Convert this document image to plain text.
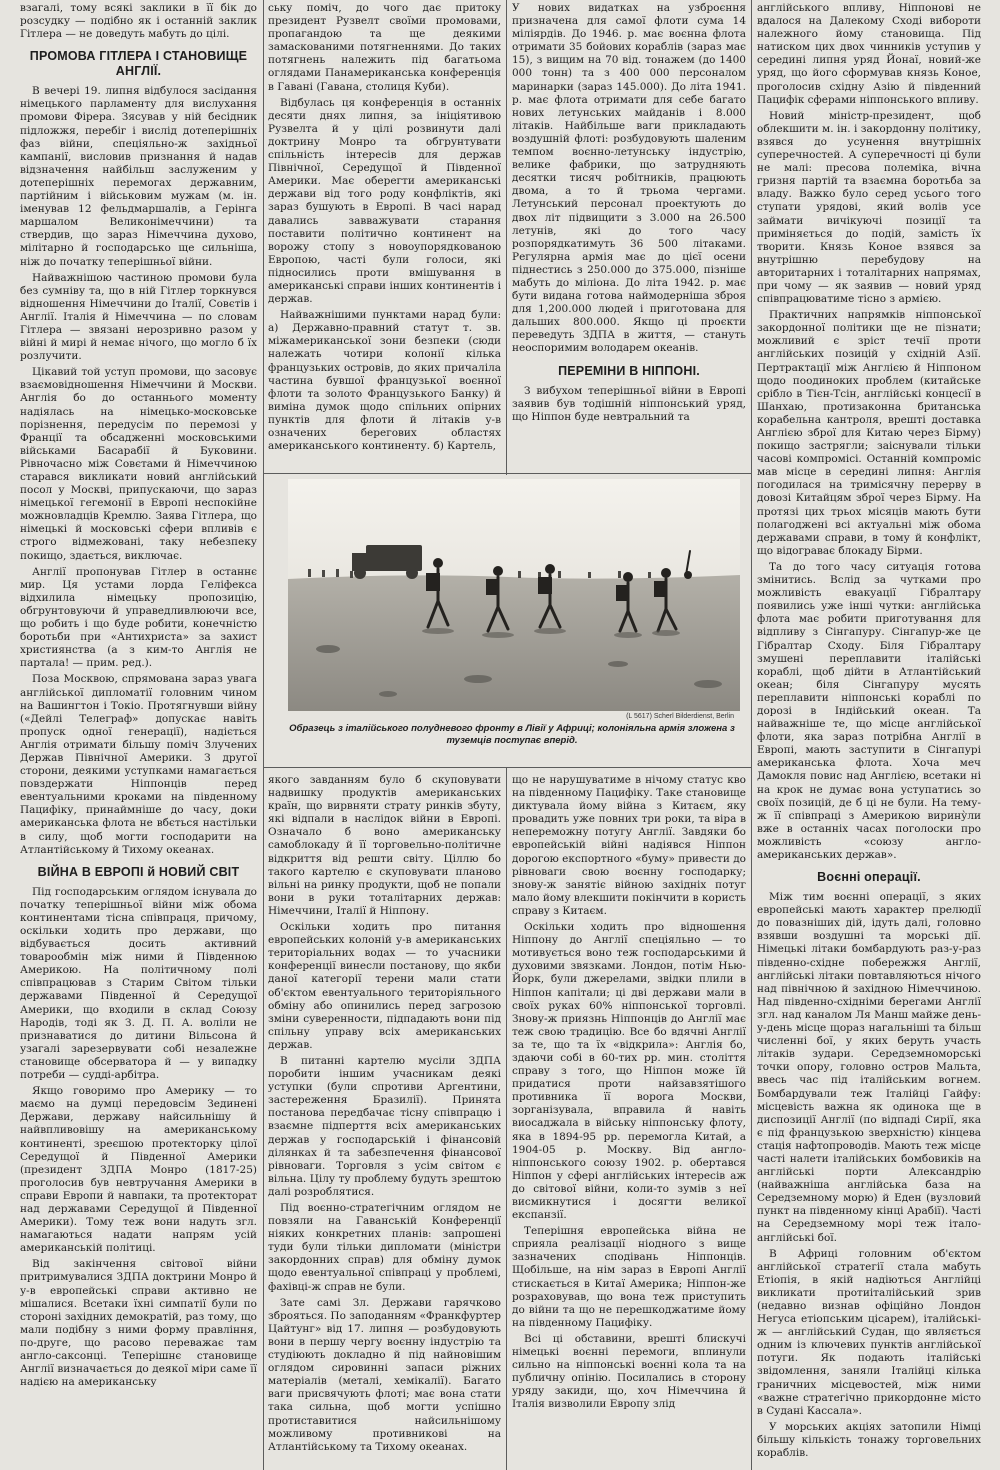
взагалі, тому всякі заклики в її бік до розсудку — подібно як і останній заклик Гітлера — не доведуть мабуть до цілі.

ПРОМОВА ГІТЛЕРА І СТАНОВИЩЕ АНГЛІЇ.

В вечері 19. липня відбулося засідання німецького парламенту для вислухання промови Фірера. Зясував у ній бесідник підложжя, перебіг і вислід дотеперішніх фаз війни, спеціяльно-ж західньої кампанії, висловив признання й надав відзначення найбільш заслуженим у дотеперішніх перемогах державним, партійним і військовим мужам (м. ін. іменував 12 фельдмаршалів, а Герінга маршалом Великонімеччини) та ствердив, що зараз Німеччина духово, мілітарно й господарсько ще сильніша, ніж до початку теперішньої війни.

Найважнішою частиною промови була без сумніву та, що в ній Гітлер торкнувся відношення Німеччини до Італії, Совєтів і Англії. Італія й Німеччина — по словам Гітлера — звязані нерозривно разом у війні й мирі й немає нічого, що могло б їх розлучити.

Цікавий той уступ промови, що засовує взаємовідношення Німеччини й Москви. Англія бо до останнього моменту надіялась на німецько-московське порізнення, передусім по перемозі у Франції та обсадженні московськими військами Басарабії й Буковини. Рівночасно між Совєтами й Німеччиною старався викликати новий англійський посол у Москві, припускаючи, що зараз німецької гегемонії в Европі неспокійне можновладців Кремлю. Заява Гітлера, що німецькі й московські сфери впливів є строго відмежовані, таку небезпеку покищо, здається, виключає.

Англії пропонував Гітлер в останнє мир. Ця устами лорда Геліфекса відхилила німецьку пропозицію, обгрунтовуючи й управедливлюючи все, що робить і що буде робити, конечністю боротьби при «Антихриста» за захист християнства (а з ким-то Англія не партала! — прим. ред.).

Поза Москвою, спрямована зараз увага англійської дипломатії головним чином на Вашингтон і Токіо. Протягнувши війну («Дейлі Телеграф» допускає навіть пропуск одної генерації), надіється Англія отримати більшу поміч Злучених Держав Північної Америки. З другої сторони, деякими уступками намагається повздержати Ніппонців перед евентуальними кроками на південному Пацифіку, принаймніше до часу, доки американська флота не вбється настільки в силу, щоб могти господарити на Атлантійському й Тихому океанах.

ВІЙНА В ЕВРОПІ й НОВИЙ СВІТ

Під господарським оглядом існувала до початку теперішньої війни між обома континентами тісна співпраця, причому, оскільки ходить про держави, що відбувається досить активний товарообмін між ними й Південною Америкою. На політичному полі співпрацював з Старим Світом тільки державами Південної й Середущої Америки, що входили в склад Союзу Народів, тоді як З. Д. П. А. воліли не признаватися до дитини Вільсона й узагалі зарезервувати собі незалежне становище обсерватора й — у випадку потреби — судді-арбітра.

Якщо говоримо про Америку — то маємо на думці передовсім Зединені Держави, державу найсильнішу й найвпливовішу на американському континенті, зреєшою протекторку цілої Середущої й Південної Америки (президент ЗДПА Монро (1817-25) проголосив був невтручання Америки в справи Европи й навпаки, та протекторат над державами Середущої й Південної Америки). Тому теж вони надуть згл. намагаються надати напрям усій американській політиці.

Від закінчення світової війни притримувалися ЗДПА доктрини Монро й у-в европейські справи активно не мішалися. Всетаки їхні симпатії були по стороні західних демократій, раз тому, що мали подібну з ними форму правління, по-друге, що расово переважає там англо-саксонці. Теперішнє становище Англії визначається до деякої міри саме її надією на американську

ську поміч, до чого дає притоку президент Рузвелт своїми промовами, пропагандою та ще деякими замаскованими потягненнями. До таких потягнень належить під багатьома оглядами Панамериканська конференція в Гавані (Гавана, столиця Куби).

Відбулась ця конференція в останніх десяти днях липня, за ініціятивою Рузвелта й у цілі розвинути далі доктрину Монро та обгрунтувати спільність інтересів для держав Північної, Середущої й Південної Америки. Має оберегти американські держави від того роду конфліктів, які зараз бушують в Европі. В часі нарад давались завважувати старання поставити політично континент на ворожу стопу з новоупорядкованою Европою, часті були голоси, які підносились проти вмішування в американські справи інших континентів і держав.

Найважнішими пунктами нарад були: а) Державно-правний статут т. зв. міжамериканської зони безпеки (сюди належать чотири колонії кілька французьких островів, до яких причаліла частина бувшої французької воєнної флоти та золото Французького Банку) й виміна думок щодо спільних опірних пунктів для флоти й літаків у-в означених берегових областях американського континенту. б) Картель,

У нових видатках на узброєння призначена для самої флоти сума 14 міліярдів. До 1946. р. має воєнна флота отримати 35 бойових кораблів (зараз має 15), з вищим на 70 від. тонажем (до 1400 000 тонн) та з 400 000 персоналом маринарки (зараз 145.000). До літа 1941. р. має флота отримати для себе багато нових летунських майданів і 8.000 літаків. Найбільше ваги прикладають воздушній флоті: розбудовують шаленим темпом воєнно-летунську індустрію, велике фабрики, що затрудняють десятки тисяч робітників, працюють двома, а то й трьома чергами. Летунський персонал проектують до двох літ підвищити з 3.000 на 26.500 летунів, які до того часу розпорядкатимуть 36 500 літаками. Регулярна армія має до цієї осени піднестись з 250.000 до 375.000, пізніше мабуть до міліона. До літа 1942. р. має бути видана готова наймодерніша зброя для 1,200.000 людей і приготована для дальших 800.000. Якщо ці проєкти переведуть ЗДПА в життя, — стануть неоспоримим володарем океанів.

ПЕРЕМІНИ В НІППОНІ.

З вибухом теперішньої війни в Европі заявив був тодішній ніппонський уряд, що Ніппон буде невтральний та

(L 5617) Scherl Bilderdienst, Berlin
Образець з італійського полудневого фронту в Лівії у Африці; колоніяльна армія зложена з туземців поступає вперід.

якого завданням було б скуповувати надвишку продуктів американських країн, що вирвняти страту ринків збуту, які відпали в наслідок війни в Европі. Означало б воно американську самоблокаду й її торговельно-політичне відкриття від решти світу. Ціллю бо такого картелю є скуповувати планово вільні на ринку продукти, щоб не попали вони в руки тоталітарних держав: Німеччини, Італії й Ніппону.

Оскільки ходить про питання европейських колоній у-в американських територіальних водах — то учасники конференції винесли постанову, що якби даної категорії терени мали стати об'єктом евентуального територіяльного обміну або опинились перед загрозою зміни суверенности, підпадають вони під спільну управу всіх американських держав.

В питанні картелю мусіли ЗДПА поробити іншим учасникам деякі уступки (були спротиви Аргентини, застереження Бразилії). Принята постанова передбачає тісну співпрацю і взаємне підперття всіх американських держав у господарській і фінансовій ділянках й та забезпечення фінансової рівноваги. Торговля з усім світом є вільна. Цілу ту проблему будуть зрештою далі розроблятися.

Під воєнно-стратегічним оглядом не повзяли на Гаванській Конференції ніяких конкретних планів: запрошені туди були тільки дипломати (міністри закордонних справ) для обміну думок щодо евентуальної співпраці у проблемі, фахівці-ж справ не були.

Зате самі Зл. Держави гарячково зброяться. По заподанням «Франкфуртер Цайтунг» від 17. липня — розбудовують вони в першу чергу воєнну індустрію та студіюють докладно й під найновішим оглядом сировинні запаси ріжних матеріалів (металі, хемікалії). Багато ваги присвячують флоті; має вона стати така сильна, щоб могти успішно протиставитися найсильнішому можливому противникові на Атлантійському та Тихому океанах.

що не нарушуватиме в нічому статус кво на південному Пацифіку. Таке становище диктувала йому війна з Китаєм, яку провадить уже повних три роки, та віра в непереможну потугу Англії. Завдяки бо европейській війні надіявся Ніппон дорогою експортного «буму» привести до рівноваги свою воєнну господарку; знову-ж занятіє війною західніх потуг мало йому влекшити покінчити в користь справу з Китаєм.

Оскільки ходить про відношення Ніппону до Англії спеціяльно — то мотивується воно теж господарськими й духовими звязками. Лондон, потім Нью-Йорк, були джерелами, звідки плили в Ніппон капітали; ці дві держави мали в своїх руках 60% ніппонської торговлі. Знову-ж приязнь Ніппонців до Англії має теж свою традицію. Все бо вдячні Англії за те, що та їх «відкрила»: Англія бо, здаючи собі в 60-тих рр. мин. століття справу з того, що Ніппон може їй придатися проти найзавзятішого противника її ворога Москви, зорганізувала, вправила й навіть виосаджала в війську ніппонську флоту, яка в 1894-95 рр. перемогла Китай, а 1904-05 р. Москву. Від англо-ніппонського союзу 1902. р. обертався Ніппон у сфері англійських інтересів аж до світової війни, коли-то зумів з неї висмикнутися і досягти великої експанзії.

Теперішня европейська війна не сприяла реалізації ніодного з вище зазначених сподівань Ніппонців. Щобільше, на нім зараз в Европі Англії стискається в Китаї Америка; Ніппон-же розраховував, що вона теж приступить до війни та що не перешкоджатиме йому на південному Пацифіку.

Всі ці обставини, врешті блискучі німецькі воєнні перемоги, вплинули сильно на ніппонські воєнні кола та на публичну опінію. Посилались в сторону уряду закиди, що, хоч Німеччина й Італія визволили Европу злід

англійського впливу, Ніппонові не вдалося на Далекому Сході вибороти належного йому становища. Під натиском цих двох чинників уступив у середині липня уряд Йонаї, новий-же уряд, що його сформував князь Коное, проголосив східну Азію й південний Пацифік сферами ніппонського впливу.

Новий міністр-президент, щоб облекшити м. ін. і закордонну політику, взявся до усунення внутрішніх суперечностей. А суперечності ці були не малі: пресова полеміка, вічна гризня партій та взаємна боротьба за владу. Важко було серед усього того ступати урядові, який волів усе займати вичікуючі позиції та приміняється до подій, замість їх творити. Князь Коное взявся за внутрішню перебудову на авторитарних і тоталітарних напрямах, при чому — як заявив — новий уряд співпрацюватиме тісно з армією.

Практичних напрямків ніппонської закордонної політики ще не пізнати; можливий є зріст течії проти англійських позицій у східній Азії. Пертрактації між Англією й Ніппоном щодо поодиноких проблем (китайське срібло в Тієн-Тсін, англійські концесії в Шанхаю, протизаконна британська корабельна кантроля, врешті доставка Англією зброї для Китаю через Бірму) покищо застрягли; заіснували тільки часові компромісі. Останній компроміс мав місце в середині липня: Англія погодилася на тримісячну перерву в довозі Китайцям зброї через Бірму. На протязі цих трьох місяців мають бути полагоджені всі актуальні між обома державами справи, в тому й конфлікт, що відограває блокаду Бірми.

Та до того часу ситуація готова змінитись. Вслід за чутками про можливість евакуації Гібралтару появились уже інші чутки: англійська флота має робити приготування для відпливу з Сінгапуру. Сінгапур-же це Гібралтар Сходу. Біля Гібралтару змушені переплавити італійські кораблі, щоб дійти в Атлантійський океан; біля Сінгапуру мусять переплавити ніппонські кораблі по дорозі в Індійський океан. Та найважніше те, що місце англійської флоти, яка зараз потрібна Англії в Европі, мають заступити в Сінгапурі американська флота. Хоча меч Дамокля повис над Англією, всетаки ні на крок не думає вона уступатись зо своїх позицій, де б ці не були. На тему-ж її співпраці з Америкою вирину̀ли вже в останніх часах поголоски про можливість «союзу англо-американських держав».

Воєнні операції.

Між тим воєнні операції, з яких европейські мають характер прелюдії до повазніших дій, ідуть далі, головно взявши воздушні та морські дії. Німецькі літаки бомбардують раз-у-раз південно-східне побережжя Англії, англійські літаки повтавляються нічого над північною й західною Німеччиною. Над південно-східніми берегами Англії згл. над каналом Ля Манш майже день-у-день місце щораз нагальніші та більш численні бої, у яких беруть участь літаків зудари. Середземноморські точки опору, головно остров Мальта, ввесь час під італійським вогнем. Бомбардували теж Італійці Гайфу: місцевість важна як одинока ще в диспозиції Англії (по відпаді Сирії, яка є під французькою зверхністю) кінцева стація нафтопроводів. Мають теж місце часті налети італійських бомбовиків на англійські порти Александрію (найважніша англійська база на Середземному морю) й Еден (вузловий пункт на південному кінці Арабії). Часті на Середземному морі теж італо-англійські бої.

В Африці головним об'єктом англійської стратегії стала мабуть Етіопія, в якій надіються Англійці викликати протиіталійський зрив (недавно визнав офіційно Лондон Негуса етіопським цісарем), італійські-ж — англійський Судан, що являється одним із ключевих пунктів англійської потуги. Як подають італійські звідомлення, заняли Італійці кілька граничних місцевостей, між ними «важне стратегічно прикордонне місто в Судані Кассала».

У морських акціях затопили Німці більшу кількість тонажу торговельних кораблів.
